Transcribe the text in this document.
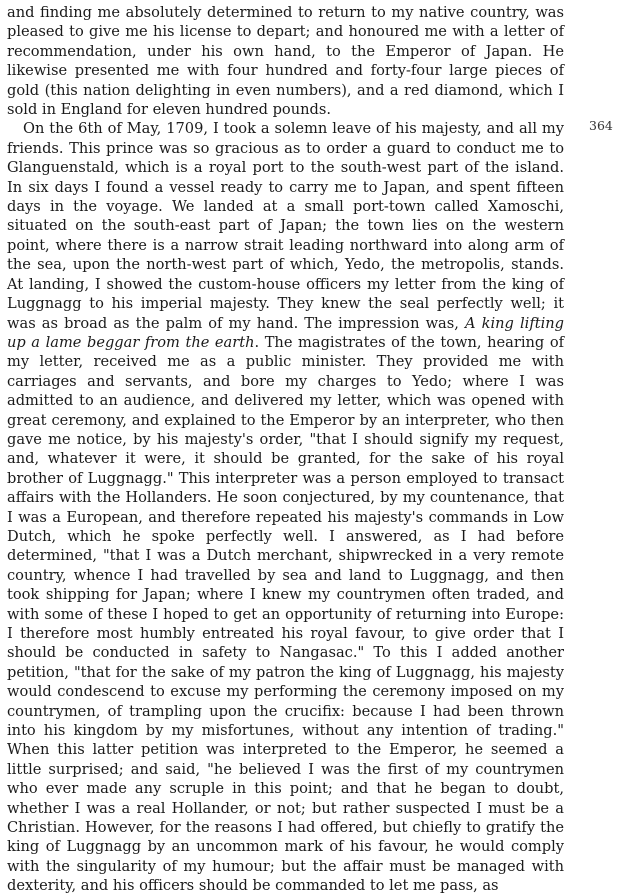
and finding me absolutely determined to return to my native country, was pleased to give me his license to depart; and honoured me with a letter of recommendation, under his own hand, to the Emperor of Japan. He likewise presented me with four hundred and forty-four large pieces of gold (this nation delighting in even numbers), and a red diamond, which I sold in England for eleven hundred pounds.

On the 6th of May, 1709, I took a solemn leave of his majesty, and all my friends. This prince was so gracious as to order a guard to conduct me to Glanguenstald, which is a royal port to the south-west part of the island. In six days I found a vessel ready to carry me to Japan, and spent fifteen days in the voyage. We landed at a small port-town called Xamoschi, situated on the south-east part of Japan; the town lies on the western point, where there is a narrow strait leading northward into along arm of the sea, upon the north-west part of which, Yedo, the metropolis, stands. At landing, I showed the custom-house officers my letter from the king of Luggnagg to his imperial majesty. They knew the seal perfectly well; it was as broad as the palm of my hand. The impression was, A king lifting up a lame beggar from the earth. The magistrates of the town, hearing of my letter, received me as a public minister. They provided me with carriages and servants, and bore my charges to Yedo; where I was admitted to an audience, and delivered my letter, which was opened with great ceremony, and explained to the Emperor by an interpreter, who then gave me notice, by his majesty's order, "that I should signify my request, and, whatever it were, it should be granted, for the sake of his royal brother of Luggnagg." This interpreter was a person employed to transact affairs with the Hollanders. He soon conjectured, by my countenance, that I was a European, and therefore repeated his majesty's commands in Low Dutch, which he spoke perfectly well. I answered, as I had before determined, "that I was a Dutch merchant, shipwrecked in a very remote country, whence I had travelled by sea and land to Luggnagg, and then took shipping for Japan; where I knew my countrymen often traded, and with some of these I hoped to get an opportunity of returning into Europe: I therefore most humbly entreated his royal favour, to give order that I should be conducted in safety to Nangasac." To this I added another petition, "that for the sake of my patron the king of Luggnagg, his majesty would condescend to excuse my performing the ceremony imposed on my countrymen, of trampling upon the crucifix: because I had been thrown into his kingdom by my misfortunes, without any intention of trading." When this latter petition was interpreted to the Emperor, he seemed a little surprised; and said, "he believed I was the first of my countrymen who ever made any scruple in this point; and that he began to doubt, whether I was a real Hollander, or not; but rather suspected I must be a Christian. However, for the reasons I had offered, but chiefly to gratify the king of Luggnagg by an uncommon mark of his favour, he would comply with the singularity of my humour; but the affair must be managed with dexterity, and his officers should be commanded to let me pass, as

364
